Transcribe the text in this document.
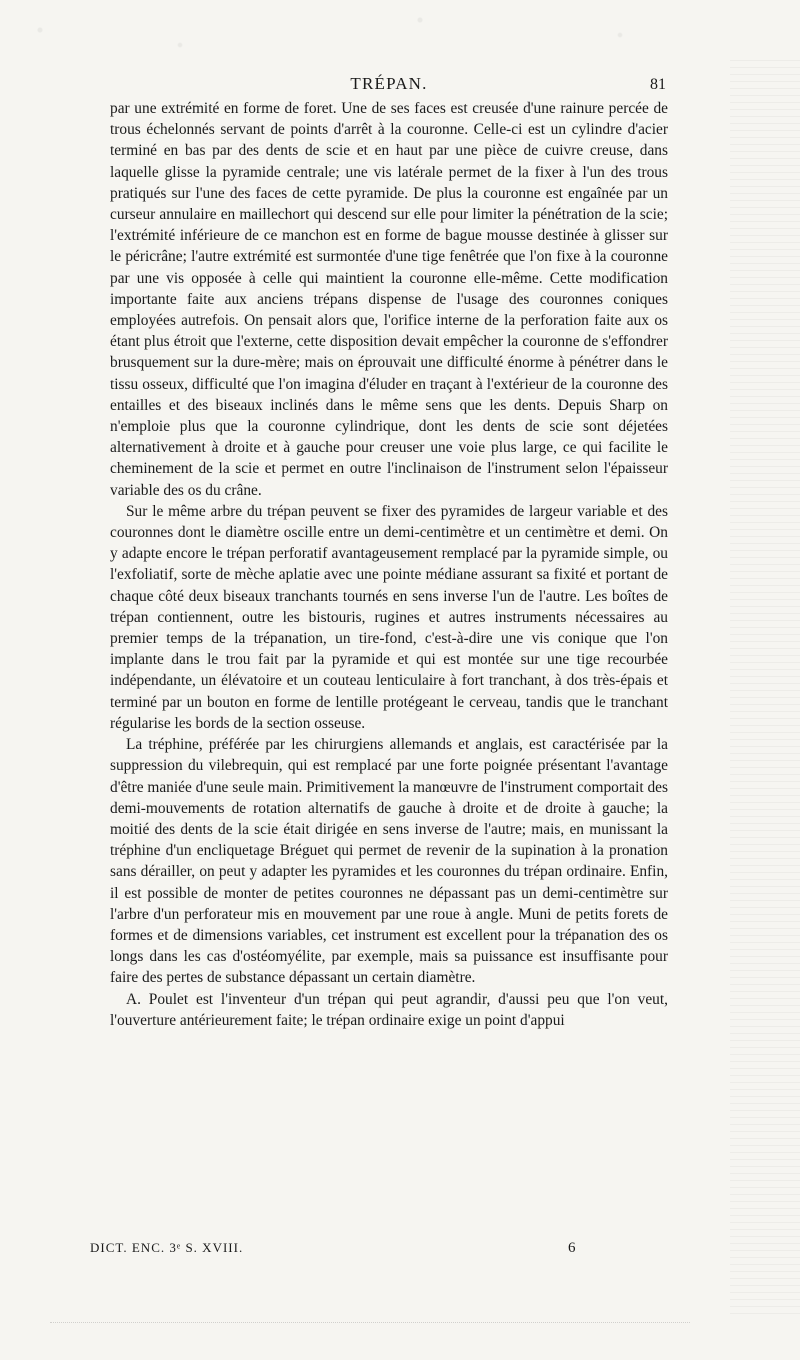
TRÉPAN.	81

par une extrémité en forme de foret. Une de ses faces est creusée d'une rainure percée de trous échelonnés servant de points d'arrêt à la couronne. Celle-ci est un cylindre d'acier terminé en bas par des dents de scie et en haut par une pièce de cuivre creuse, dans laquelle glisse la pyramide centrale; une vis latérale permet de la fixer à l'un des trous pratiqués sur l'une des faces de cette pyramide. De plus la couronne est engaînée par un curseur annulaire en maillechort qui descend sur elle pour limiter la pénétration de la scie; l'extrémité inférieure de ce manchon est en forme de bague mousse destinée à glisser sur le péricrâne; l'autre extrémité est surmontée d'une tige fenêtrée que l'on fixe à la couronne par une vis opposée à celle qui maintient la couronne elle-même. Cette modification importante faite aux anciens trépans dispense de l'usage des couronnes coniques employées autrefois. On pensait alors que, l'orifice interne de la perforation faite aux os étant plus étroit que l'externe, cette disposition devait empêcher la couronne de s'effondrer brusquement sur la dure-mère; mais on éprouvait une difficulté énorme à pénétrer dans le tissu osseux, difficulté que l'on imagina d'éluder en traçant à l'extérieur de la couronne des entailles et des biseaux inclinés dans le même sens que les dents. Depuis Sharp on n'emploie plus que la couronne cylindrique, dont les dents de scie sont déjetées alternativement à droite et à gauche pour creuser une voie plus large, ce qui facilite le cheminement de la scie et permet en outre l'inclinaison de l'instrument selon l'épaisseur variable des os du crâne.

Sur le même arbre du trépan peuvent se fixer des pyramides de largeur variable et des couronnes dont le diamètre oscille entre un demi-centimètre et un centimètre et demi. On y adapte encore le trépan perforatif avantageusement remplacé par la pyramide simple, ou l'exfoliatif, sorte de mèche aplatie avec une pointe médiane assurant sa fixité et portant de chaque côté deux biseaux tranchants tournés en sens inverse l'un de l'autre. Les boîtes de trépan contiennent, outre les bistouris, rugines et autres instruments nécessaires au premier temps de la trépanation, un tire-fond, c'est-à-dire une vis conique que l'on implante dans le trou fait par la pyramide et qui est montée sur une tige recourbée indépendante, un élévatoire et un couteau lenticulaire à fort tranchant, à dos très-épais et terminé par un bouton en forme de lentille protégeant le cerveau, tandis que le tranchant régularise les bords de la section osseuse.

La tréphine, préférée par les chirurgiens allemands et anglais, est caractérisée par la suppression du vilebrequin, qui est remplacé par une forte poignée présentant l'avantage d'être maniée d'une seule main. Primitivement la manœuvre de l'instrument comportait des demi-mouvements de rotation alternatifs de gauche à droite et de droite à gauche; la moitié des dents de la scie était dirigée en sens inverse de l'autre; mais, en munissant la tréphine d'un encliquetage Bréguet qui permet de revenir de la supination à la pronation sans dérailler, on peut y adapter les pyramides et les couronnes du trépan ordinaire. Enfin, il est possible de monter de petites couronnes ne dépassant pas un demi-centimètre sur l'arbre d'un perforateur mis en mouvement par une roue à angle. Muni de petits forets de formes et de dimensions variables, cet instrument est excellent pour la trépanation des os longs dans les cas d'ostéomyélite, par exemple, mais sa puissance est insuffisante pour faire des pertes de substance dépassant un certain diamètre.

A. Poulet est l'inventeur d'un trépan qui peut agrandir, d'aussi peu que l'on veut, l'ouverture antérieurement faite; le trépan ordinaire exige un point d'appui

DICT. ENC. 3ᵉ S. XVIII.	6
